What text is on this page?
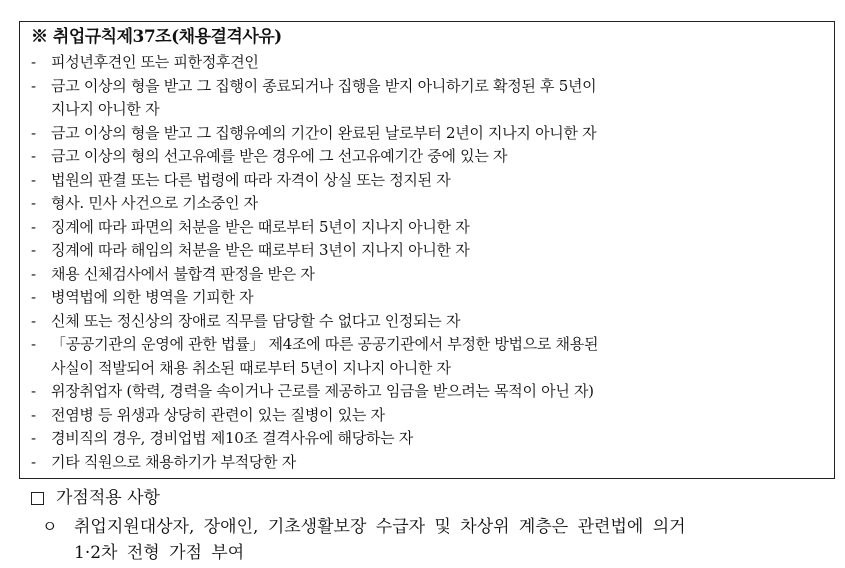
※ 취업규칙제37조(채용결격사유)
-	피성년후견인 또는 피한정후견인
-	금고 이상의 형을 받고 그 집행이 종료되거나 집행을 받지 아니하기로 확정된 후 5년이
지나지 아니한 자
-	금고 이상의 형을 받고 그 집행유예의 기간이 완료된 날로부터 2년이 지나지 아니한 자
-	금고 이상의 형의 선고유예를 받은 경우에 그 선고유예기간 중에 있는 자
-	법원의 판결 또는 다른 법령에 따라 자격이 상실 또는 정지된 자
-	형사. 민사 사건으로 기소중인 자
-	징계에 따라 파면의 처분을 받은 때로부터 5년이 지나지 아니한 자
-	징계에 따라 해임의 처분을 받은 때로부터 3년이 지나지 아니한 자
-	채용 신체검사에서 불합격 판정을 받은 자
-	병역법에 의한 병역을 기피한 자
-	신체 또는 정신상의 장애로 직무를 담당할 수 없다고 인정되는 자
-	「공공기관의 운영에 관한 법률」 제4조에 따른 공공기관에서 부정한 방법으로 채용된
사실이 적발되어 채용 취소된 때로부터 5년이 지나지 아니한 자
-	위장취업자 (학력, 경력을 속이거나 근로를 제공하고 임금을 받으려는 목적이 아닌 자)
-	전염병 등 위생과 상당히 관련이 있는 질병이 있는 자
-	경비직의 경우, 경비업법 제10조 결격사유에 해당하는 자
-	기타 직원으로 채용하기가 부적당한 자
가점적용 사항
ㅇ 취업지원대상자, 장애인, 기초생활보장 수급자 및 차상위 계층은 관련법에 의거
1·2차 전형 가점 부여
